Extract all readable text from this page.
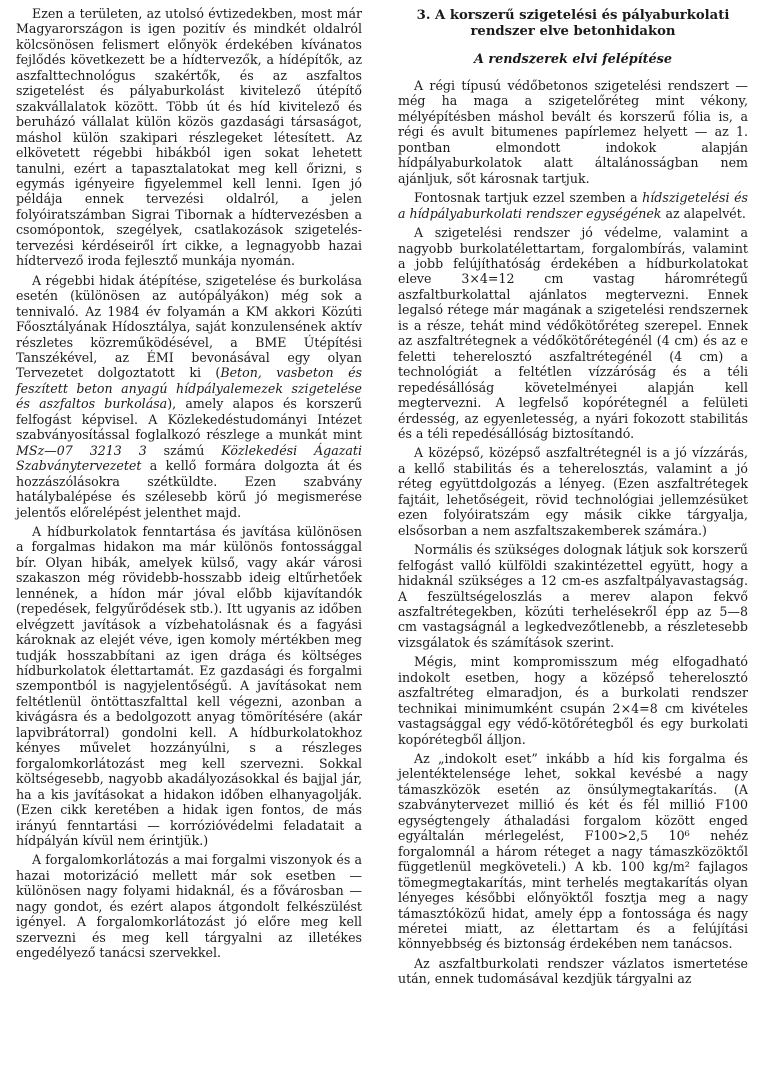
Ezen a területen, az utolsó évtizedekben, most már Magyarországon is igen pozitív és mindkét oldalról kölcsönösen felismert előnyök érdekében kívánatos fejlődés következett be a hídtervezők, a hídépítők, az aszfalttechnológus szakértők, és az aszfaltos szigetelést és pályaburkolást kivitelező útépítő szakvállalatok között. Több út és híd kivitelező és beruházó vállalat külön közös gazdasági társaságot, máshol külön szakipari részlegeket létesített. Az elkövetett régebbi hibákból igen sokat lehetett tanulni, ezért a tapasztalatokat meg kell őrizni, s egymás igényeire figyelemmel kell lenni. Igen jó példája ennek tervezési oldalról, a jelen folyóiratszámban Sigrai Tibornak a hídtervezésben a csomópontok, szegélyek, csatlakozások szigetelés-tervezési kérdéseiről írt cikke, a legnagyobb hazai hídtervező iroda fejlesztő munkája nyomán.

A régebbi hidak átépítése, szigetelése és burkolása esetén (különösen az autópályákon) még sok a tennivaló. Az 1984 év folyamán a KM akkori Közúti Főosztályának Hídosztálya, saját konzulensének aktív részletes közreműködésével, a BME Útépítési Tanszékével, az ÉMI bevonásával egy olyan Tervezetet dolgoztatott ki (Beton, vasbeton és feszített beton anyagú hídpályalemezek szigetelése és aszfaltos burkolása), amely alapos és korszerű felfogást képvisel. A Közlekedéstudományi Intézet szabványosítással foglalkozó részlege a munkát mint MSz—07 3213 3 számú Közlekedési Ágazati Szabványtervezetet a kellő formára dolgozta át és hozzászólásokra szétküldte. Ezen szabvány hatálybalépése és szélesebb körű jó megismerése jelentős előrelépést jelenthet majd.

A hídburkolatok fenntartása és javítása különösen a forgalmas hidakon ma már különös fontossággal bír. Olyan hibák, amelyek külső, vagy akár városi szakaszon még rövidebb-hosszabb ideig eltűrhetőek lennének, a hídon már jóval előbb kijavítandók (repedések, felgyűrődések stb.). Itt ugyanis az időben elvégzett javítások a vízbehatolásnak és a fagyási károknak az elejét véve, igen komoly mértékben meg tudják hosszabbítani az igen drága és költséges hídburkolatok élettartamát. Ez gazdasági és forgalmi szempontból is nagyjelentőségű. A javításokat nem feltétlenül öntöttaszfalttal kell végezni, azonban a kivágásra és a bedolgozott anyag tömörítésére (akár lapvibrátorral) gondolni kell. A hídburkolatokhoz kényes művelet hozzányúlni, s a részleges forgalomkorlátozást meg kell szervezni. Sokkal költségesebb, nagyobb akadályozásokkal és bajjal jár, ha a kis javításokat a hidakon időben elhanyagolják. (Ezen cikk keretében a hidak igen fontos, de más irányú fenntartási — korrózióvédelmi feladatait a hídpályán kívül nem érintjük.)

A forgalomkorlátozás a mai forgalmi viszonyok és a hazai motorizáció mellett már sok esetben — különösen nagy folyami hidaknál, és a fővárosban — nagy gondot, és ezért alapos átgondolt felkészülést igényel. A forgalomkorlátozást jó előre meg kell szervezni és meg kell tárgyalni az illetékes engedélyező tanácsi szervekkel.

3. A korszerű szigetelési és pályaburkolati rendszer elve betonhidakon
A rendszerek elvi felépítése

A régi típusú védőbetonos szigetelési rendszert — még ha maga a szigetelőréteg mint vékony, mélyépítésben máshol bevált és korszerű fólia is, a régi és avult bitumenes papírlemez helyett — az 1. pontban elmondott indokok alapján hídpályaburkolatok alatt általánosságban nem ajánljuk, sőt károsnak tartjuk.

Fontosnak tartjuk ezzel szemben a hídszigetelési és a hídpályaburkolati rendszer egységének az alapelvét.

A szigetelési rendszer jó védelme, valamint a nagyobb burkolatélettartam, forgalombírás, valamint a jobb felújíthatóság érdekében a hídburkolatokat eleve 3×4=12 cm vastag háromrétegű aszfaltburkolattal ajánlatos megtervezni. Ennek legalsó rétege már magának a szigetelési rendszernek is a része, tehát mind védőkötőréteg szerepel. Ennek az aszfaltrétegnek a védőkötőrétegénél (4 cm) és az e feletti teherelosztó aszfaltrétegénél (4 cm) a technológiát a feltétlen vízzáróság és a téli repedésállóság követelményei alapján kell megtervezni. A legfelső kopórétegnél a felületi érdesség, az egyenletesség, a nyári fokozott stabilitás és a téli repedésállóság biztosítandó.

A középső, középső aszfaltrétegnél is a jó vízzárás, a kellő stabilitás és a teherelosztás, valamint a jó réteg együttdolgozás a lényeg. (Ezen aszfaltrétegek fajtáit, lehetőségeit, rövid technológiai jellemzésüket ezen folyóiratszám egy másik cikke tárgyalja, elsősorban a nem aszfaltszakemberek számára.)

Normális és szükséges dolognak látjuk sok korszerű felfogást valló külföldi szakintézettel együtt, hogy a hidaknál szükséges a 12 cm-es aszfaltpályavastagság. A feszültségeloszlás a merev alapon fekvő aszfaltrétegekben, közúti terhelésekről épp az 5—8 cm vastagságnál a legkedvezőtlenebb, a részletesebb vizsgálatok és számítások szerint.

Mégis, mint kompromisszum még elfogadható indokolt esetben, hogy a középső teherelosztó aszfaltréteg elmaradjon, és a burkolati rendszer technikai minimumként csupán 2×4=8 cm kivételes vastagsággal egy védő-kötőrétegből és egy burkolati kopórétegből álljon.

Az „indokolt eset” inkább a híd kis forgalma és jelentéktelensége lehet, sokkal kevésbé a nagy támaszközök esetén az önsúlymegtakarítás. (A szabványtervezet millió és két és fél millió F100 egységtengely áthaladási forgalom között enged egyáltalán mérlegelést, F100>2,5 10⁶ nehéz forgalomnál a három réteget a nagy támaszközöktől függetlenül megköveteli.) A kb. 100 kg/m² fajlagos tömegmegtakarítás, mint terhelés megtakarítás olyan lényeges későbbi előnyöktől fosztja meg a nagy támasztóközű hidat, amely épp a fontossága és nagy méretei miatt, az élettartam és a felújítási könnyebbség és biztonság érdekében nem tanácsos.

Az aszfaltburkolati rendszer vázlatos ismertetése után, ennek tudomásával kezdjük tárgyalni az
